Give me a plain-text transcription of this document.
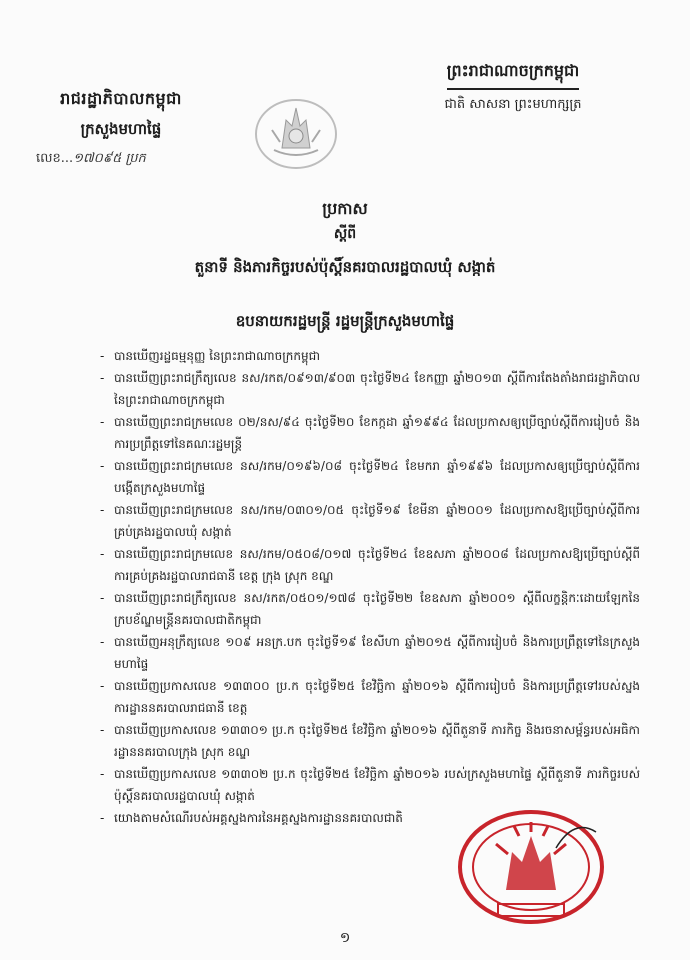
រាជរដ្ឋាភិបាលកម្ពុជា
ក្រសួងមហាផ្ទៃ
លេខ...១៧០៩៥ ប្រក
ព្រះរាជាណាចក្រកម្ពុជា
ជាតិ សាសនា ព្រះមហាក្សត្រ
ប្រកាស
ស្តីពី
តួនាទី និងភារកិច្ចរបស់ប៉ុស្តិ៍នគរបាលរដ្ឋបាលឃុំ សង្កាត់
ឧបនាយករដ្ឋមន្ត្រី រដ្ឋមន្ត្រីក្រសួងមហាផ្ទៃ
- បានឃើញរដ្ឋធម្មនុញ្ញ នៃព្រះរាជាណាចក្រកម្ពុជា
- បានឃើញព្រះរាជក្រឹត្យលេខ នស/រកត/០៩១៣/៩០៣ ចុះថ្ងៃទី២៤ ខែកញ្ញា ឆ្នាំ២០១៣ ស្តីពីការតែងតាំងរាជរដ្ឋាភិបាល នៃព្រះរាជាណាចក្រកម្ពុជា
- បានឃើញព្រះរាជក្រមលេខ ០២/នស/៩៤ ចុះថ្ងៃទី២០ ខែកក្កដា ឆ្នាំ១៩៩៤ ដែលប្រកាសឲ្យប្រើច្បាប់ស្តីពីការរៀបចំ និងការប្រព្រឹត្តទៅនៃគណៈរដ្ឋមន្ត្រី
- បានឃើញព្រះរាជក្រមលេខ នស/រកម/០១៩៦/០៨ ចុះថ្ងៃទី២៤ ខែមករា ឆ្នាំ១៩៩៦ ដែលប្រកាសឲ្យប្រើច្បាប់ស្តីពីការបង្កើតក្រសួងមហាផ្ទៃ
- បានឃើញព្រះរាជក្រមលេខ នស/រកម/០៣០១/០៥ ចុះថ្ងៃទី១៩ ខែមីនា ឆ្នាំ២០០១ ដែលប្រកាសឱ្យប្រើច្បាប់ស្តីពីការគ្រប់គ្រងរដ្ឋបាលឃុំ សង្កាត់
- បានឃើញព្រះរាជក្រមលេខ នស/រកម/០៥០៨/០១៧ ចុះថ្ងៃទី២៤ ខែឧសភា ឆ្នាំ២០០៨ ដែលប្រកាសឱ្យប្រើច្បាប់ស្តីពីការគ្រប់គ្រងរដ្ឋបាលរាជធានី ខេត្ត ក្រុង ស្រុក ខណ្ឌ
- បានឃើញព្រះរាជក្រឹត្យលេខ នស/រកត/០៥០១/១៧៨ ចុះថ្ងៃទី២២ ខែឧសភា ឆ្នាំ២០០១ ស្តីពីលក្ខន្តិកៈដោយឡែកនៃក្របខ័ណ្ឌមន្ត្រីនគរបាលជាតិកម្ពុជា
- បានឃើញអនុក្រឹត្យលេខ ១០៩ អនក្រ.បក ចុះថ្ងៃទី១៩ ខែសីហា ឆ្នាំ២០១៥ ស្តីពីការរៀបចំ និងការប្រព្រឹត្តទៅនៃក្រសួងមហាផ្ទៃ
- បានឃើញប្រកាសលេខ ១៣៣០០ ប្រ.ក ចុះថ្ងៃទី២៥ ខែវិច្ឆិកា ឆ្នាំ២០១៦ ស្តីពីការរៀបចំ និងការប្រព្រឹត្តទៅរបស់ស្នងការដ្ឋាននគរបាលរាជធានី ខេត្ត
- បានឃើញប្រកាសលេខ ១៣៣០១ ប្រ.ក ចុះថ្ងៃទី២៥ ខែវិច្ឆិកា ឆ្នាំ២០១៦ ស្តីពីតួនាទី ភារកិច្ច និងរចនាសម្ព័ន្ធរបស់អធិការដ្ឋាននគរបាលក្រុង ស្រុក ខណ្ឌ
- បានឃើញប្រកាសលេខ ១៣៣០២ ប្រ.ក ចុះថ្ងៃទី២៥ ខែវិច្ឆិកា ឆ្នាំ២០១៦ របស់ក្រសួងមហាផ្ទៃ ស្តីពីតួនាទី ភារកិច្ចរបស់ប៉ុស្តិ៍នគរបាលរដ្ឋបាលឃុំ សង្កាត់
- យោងតាមសំណើរបស់អគ្គស្នងការនៃអគ្គស្នងការដ្ឋាននគរបាលជាតិ
១
